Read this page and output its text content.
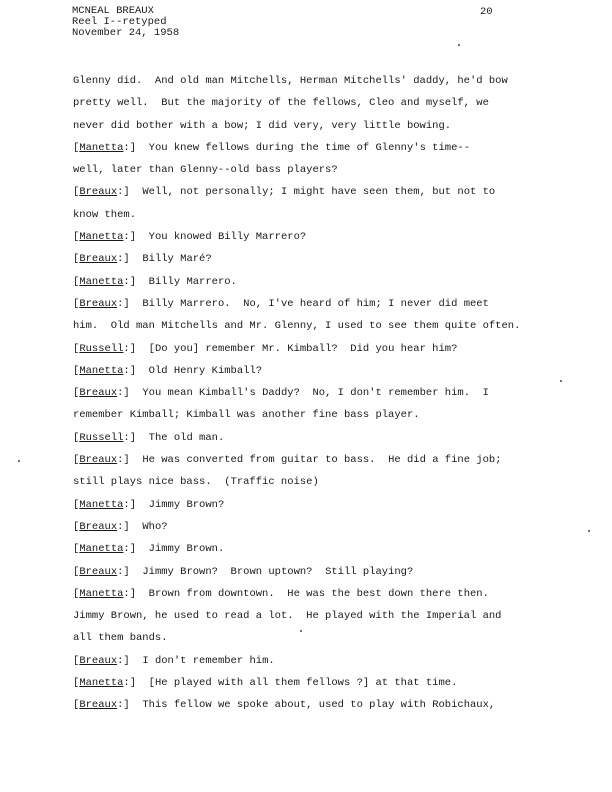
MCNEAL BREAUX
Reel I--retyped
November 24, 1958
20
Glenny did.  And old man Mitchells, Herman Mitchells' daddy, he'd bow
pretty well.  But the majority of the fellows, Cleo and myself, we
never did bother with a bow; I did very, very little bowing.
[Manetta:]  You knew fellows during the time of Glenny's time--
well, later than Glenny--old bass players?
[Breaux:]  Well, not personally; I might have seen them, but not to
know them.
[Manetta:]  You knowed Billy Marrero?
[Breaux:]  Billy Maré?
[Manetta:]  Billy Marrero.
[Breaux:]  Billy Marrero.  No, I've heard of him; I never did meet
him.  Old man Mitchells and Mr. Glenny, I used to see them quite often.
[Russell:]  [Do you] remember Mr. Kimball?  Did you hear him?
[Manetta:]  Old Henry Kimball?
[Breaux:]  You mean Kimball's Daddy?  No, I don't remember him.  I
remember Kimball; Kimball was another fine bass player.
[Russell:]  The old man.
[Breaux:]  He was converted from guitar to bass.  He did a fine job;
still plays nice bass.  (Traffic noise)
[Manetta:]  Jimmy Brown?
[Breaux:]  Who?
[Manetta:]  Jimmy Brown.
[Breaux:]  Jimmy Brown?  Brown uptown?  Still playing?
[Manetta:]  Brown from downtown.  He was the best down there then.
Jimmy Brown, he used to read a lot.  He played with the Imperial and
all them bands.
[Breaux:]  I don't remember him.
[Manetta:]  [He played with all them fellows ?] at that time.
[Breaux:]  This fellow we spoke about, used to play with Robichaux,
